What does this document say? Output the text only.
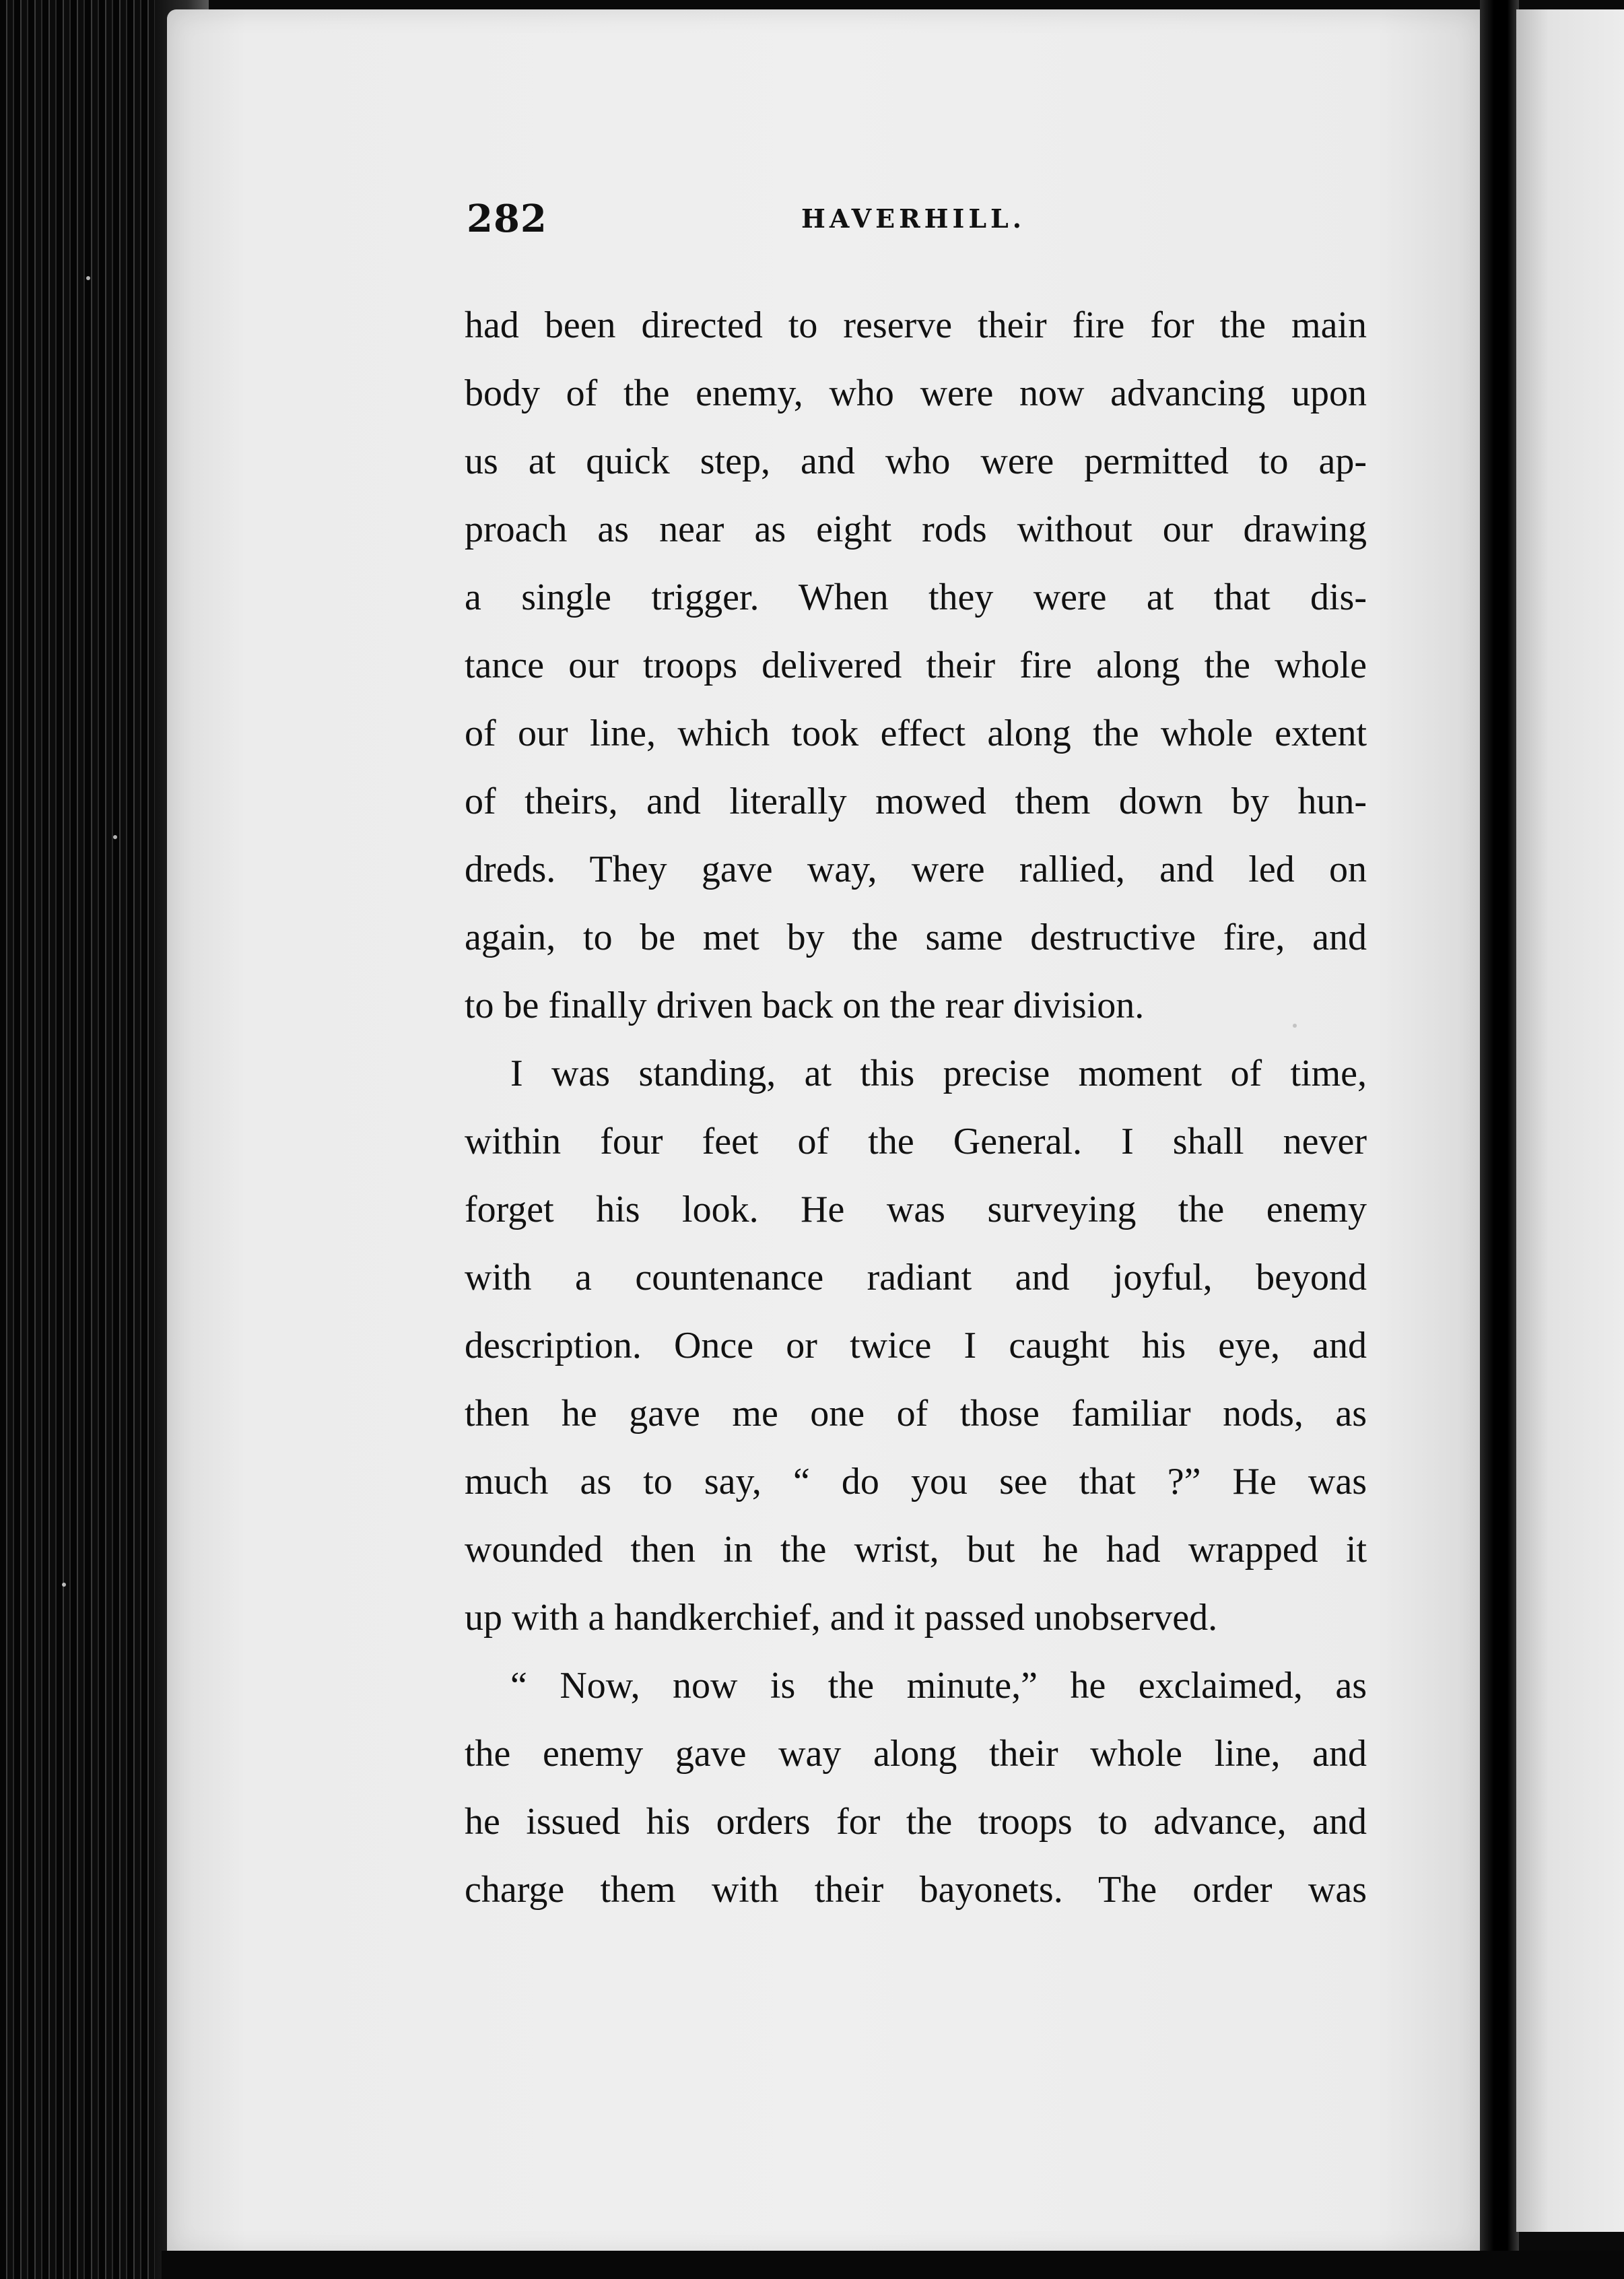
282	HAVERHILL.
had been directed to reserve their fire for the main
body of the enemy, who were now advancing upon
us at quick step, and who were permitted to ap-
proach as near as eight rods without our drawing
a single trigger. When they were at that dis-
tance our troops delivered their fire along the whole
of our line, which took effect along the whole extent
of theirs, and literally mowed them down by hun-
dreds. They gave way, were rallied, and led on
again, to be met by the same destructive fire, and
to be finally driven back on the rear division.
I was standing, at this precise moment of time,
within four feet of the General. I shall never
forget his look. He was surveying the enemy
with a countenance radiant and joyful, beyond
description. Once or twice I caught his eye, and
then he gave me one of those familiar nods, as
much as to say, “ do you see that ?” He was
wounded then in the wrist, but he had wrapped it
up with a handkerchief, and it passed unobserved.
“ Now, now is the minute,” he exclaimed, as
the enemy gave way along their whole line, and
he issued his orders for the troops to advance, and
charge them with their bayonets. The order was
